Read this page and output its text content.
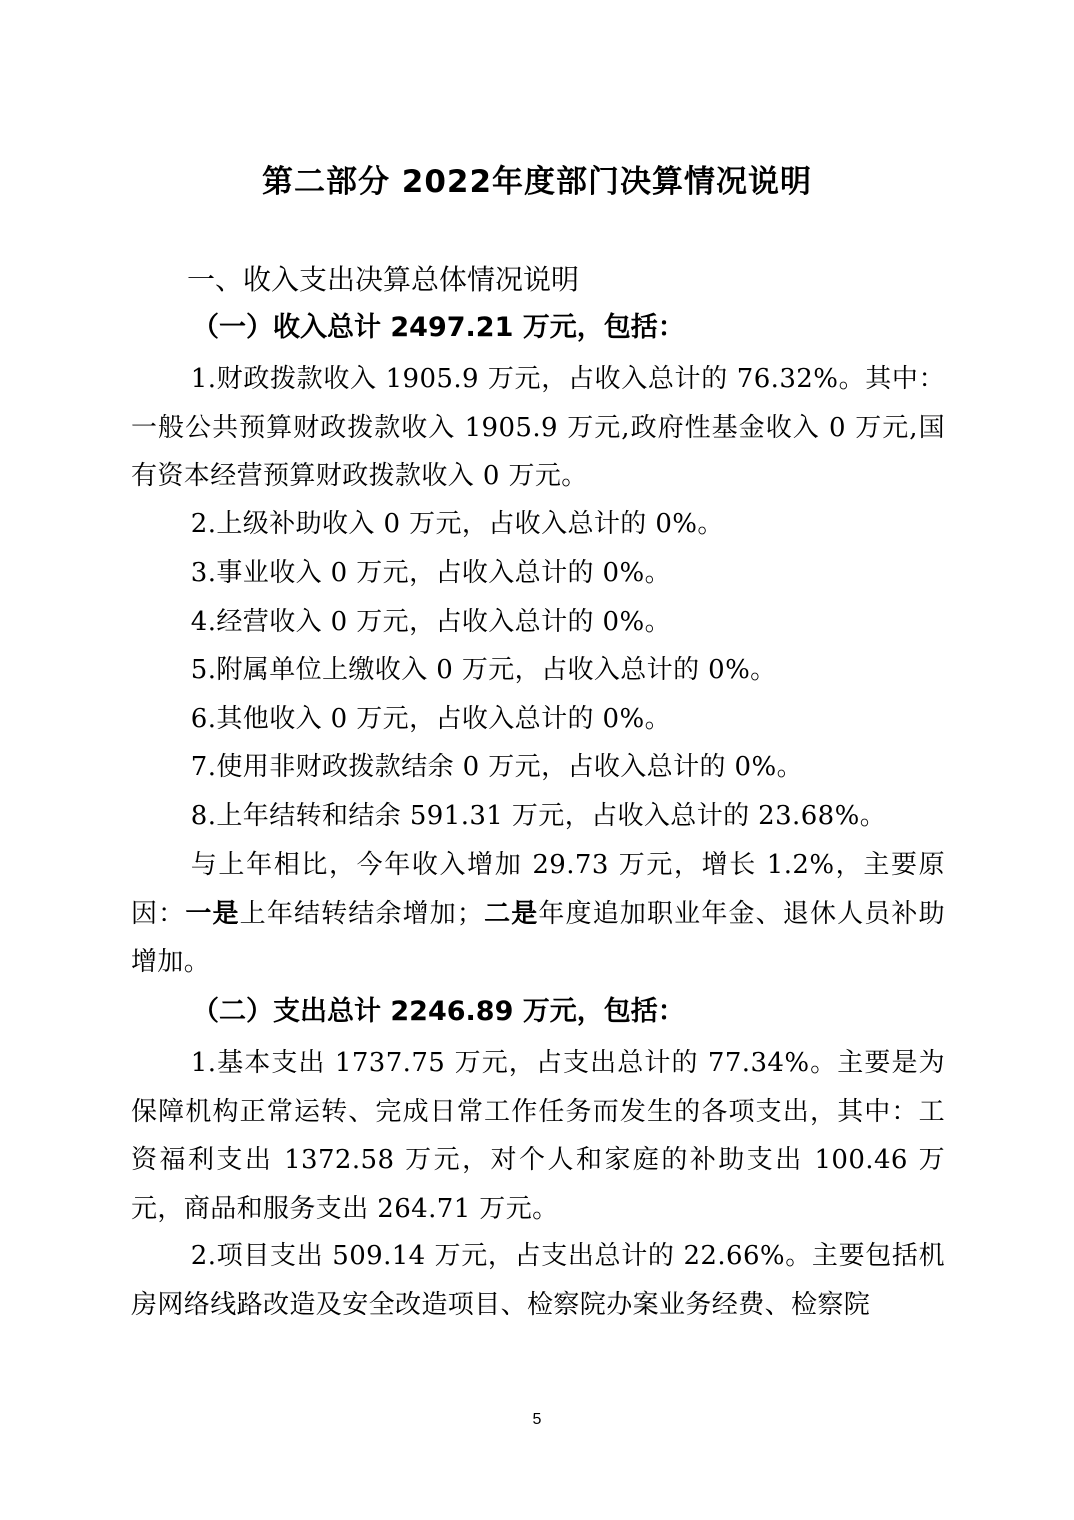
第二部分 2022年度部门决算情况说明
一、收入支出决算总体情况说明
（一）收入总计 2497.21 万元，包括：
1.财政拨款收入 1905.9 万元，占收入总计的 76.32%。其中：一般公共预算财政拨款收入 1905.9 万元,政府性基金收入 0 万元,国有资本经营预算财政拨款收入 0 万元。
2.上级补助收入 0 万元，占收入总计的 0%。
3.事业收入 0 万元，占收入总计的 0%。
4.经营收入 0 万元，占收入总计的 0%。
5.附属单位上缴收入 0 万元，占收入总计的 0%。
6.其他收入 0 万元，占收入总计的 0%。
7.使用非财政拨款结余 0 万元，占收入总计的 0%。
8.上年结转和结余 591.31 万元，占收入总计的 23.68%。
与上年相比，今年收入增加 29.73 万元，增长 1.2%，主要原因：一是上年结转结余增加；二是年度追加职业年金、退休人员补助增加。
（二）支出总计 2246.89 万元，包括：
1.基本支出 1737.75 万元，占支出总计的 77.34%。主要是为保障机构正常运转、完成日常工作任务而发生的各项支出，其中：工资福利支出 1372.58 万元，对个人和家庭的补助支出 100.46 万元，商品和服务支出 264.71 万元。
2.项目支出 509.14 万元，占支出总计的 22.66%。主要包括机房网络线路改造及安全改造项目、检察院办案业务经费、检察院
5
